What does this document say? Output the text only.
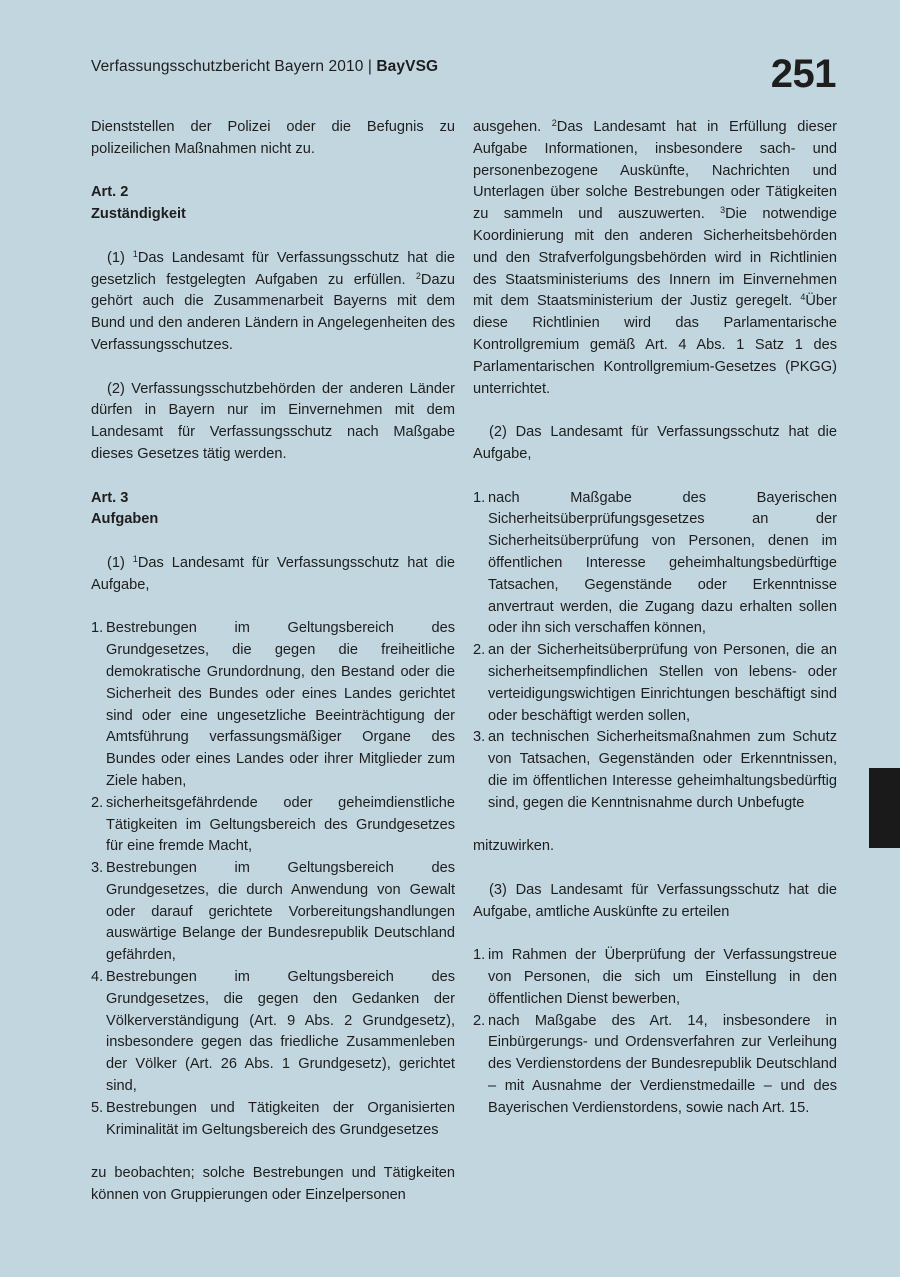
Verfassungsschutzbericht Bayern 2010 | BayVSG	251

Dienststellen der Polizei oder die Befugnis zu polizeilichen Maßnahmen nicht zu.

Art. 2

Zuständigkeit

(1) $^1$Das Landesamt für Verfassungsschutz hat die gesetzlich festgelegten Aufgaben zu erfüllen. $^2$Dazu gehört auch die Zusammenarbeit Bayerns mit dem Bund und den anderen Ländern in Angelegenheiten des Verfassungsschutzes.

(2) Verfassungsschutzbehörden der anderen Länder dürfen in Bayern nur im Einvernehmen mit dem Landesamt für Verfassungsschutz nach Maßgabe dieses Gesetzes tätig werden.

Art. 3

Aufgaben

(1) $^1$Das Landesamt für Verfassungsschutz hat die Aufgabe,

1. Bestrebungen im Geltungsbereich des Grundgesetzes, die gegen die freiheitliche demokratische Grundordnung, den Bestand oder die Sicherheit des Bundes oder eines Landes gerichtet sind oder eine ungesetzliche Beeinträchtigung der Amtsführung verfassungsmäßiger Organe des Bundes oder eines Landes oder ihrer Mitglieder zum Ziele haben,
2. sicherheitsgefährdende oder geheimdienstliche Tätigkeiten im Geltungsbereich des Grundgesetzes für eine fremde Macht,
3. Bestrebungen im Geltungsbereich des Grundgesetzes, die durch Anwendung von Gewalt oder darauf gerichtete Vorbereitungshandlungen auswärtige Belange der Bundesrepublik Deutschland gefährden,
4. Bestrebungen im Geltungsbereich des Grundgesetzes, die gegen den Gedanken der Völkerverständigung (Art. 9 Abs. 2 Grundgesetz), insbesondere gegen das friedliche Zusammenleben der Völker (Art. 26 Abs. 1 Grundgesetz), gerichtet sind,
5. Bestrebungen und Tätigkeiten der Organisierten Kriminalität im Geltungsbereich des Grundgesetzes

zu beobachten; solche Bestrebungen und Tätigkeiten können von Gruppierungen oder Einzelpersonen

ausgehen. $^2$Das Landesamt hat in Erfüllung dieser Aufgabe Informationen, insbesondere sach- und personenbezogene Auskünfte, Nachrichten und Unterlagen über solche Bestrebungen oder Tätigkeiten zu sammeln und auszuwerten. $^3$Die notwendige Koordinierung mit den anderen Sicherheitsbehörden und den Strafverfolgungsbehörden wird in Richtlinien des Staatsministeriums des Innern im Einvernehmen mit dem Staatsministerium der Justiz geregelt. $^4$Über diese Richtlinien wird das Parlamentarische Kontrollgremium gemäß Art. 4 Abs. 1 Satz 1 des Parlamentarischen Kontrollgremium-Gesetzes (PKGG) unterrichtet.

(2) Das Landesamt für Verfassungsschutz hat die Aufgabe,

1. nach Maßgabe des Bayerischen Sicherheitsüberprüfungsgesetzes an der Sicherheitsüberprüfung von Personen, denen im öffentlichen Interesse geheimhaltungsbedürftige Tatsachen, Gegenstände oder Erkenntnisse anvertraut werden, die Zugang dazu erhalten sollen oder ihn sich verschaffen können,
2. an der Sicherheitsüberprüfung von Personen, die an sicherheitsempfindlichen Stellen von lebens- oder verteidigungswichtigen Einrichtungen beschäftigt sind oder beschäftigt werden sollen,
3. an technischen Sicherheitsmaßnahmen zum Schutz von Tatsachen, Gegenständen oder Erkenntnissen, die im öffentlichen Interesse geheimhaltungsbedürftig sind, gegen die Kenntnisnahme durch Unbefugte

mitzuwirken.

(3) Das Landesamt für Verfassungsschutz hat die Aufgabe, amtliche Auskünfte zu erteilen

1. im Rahmen der Überprüfung der Verfassungstreue von Personen, die sich um Einstellung in den öffentlichen Dienst bewerben,
2. nach Maßgabe des Art. 14, insbesondere in Einbürgerungs- und Ordensverfahren zur Verleihung des Verdienstordens der Bundesrepublik Deutschland – mit Ausnahme der Verdienstmedaille – und des Bayerischen Verdienstordens, sowie nach Art. 15.
